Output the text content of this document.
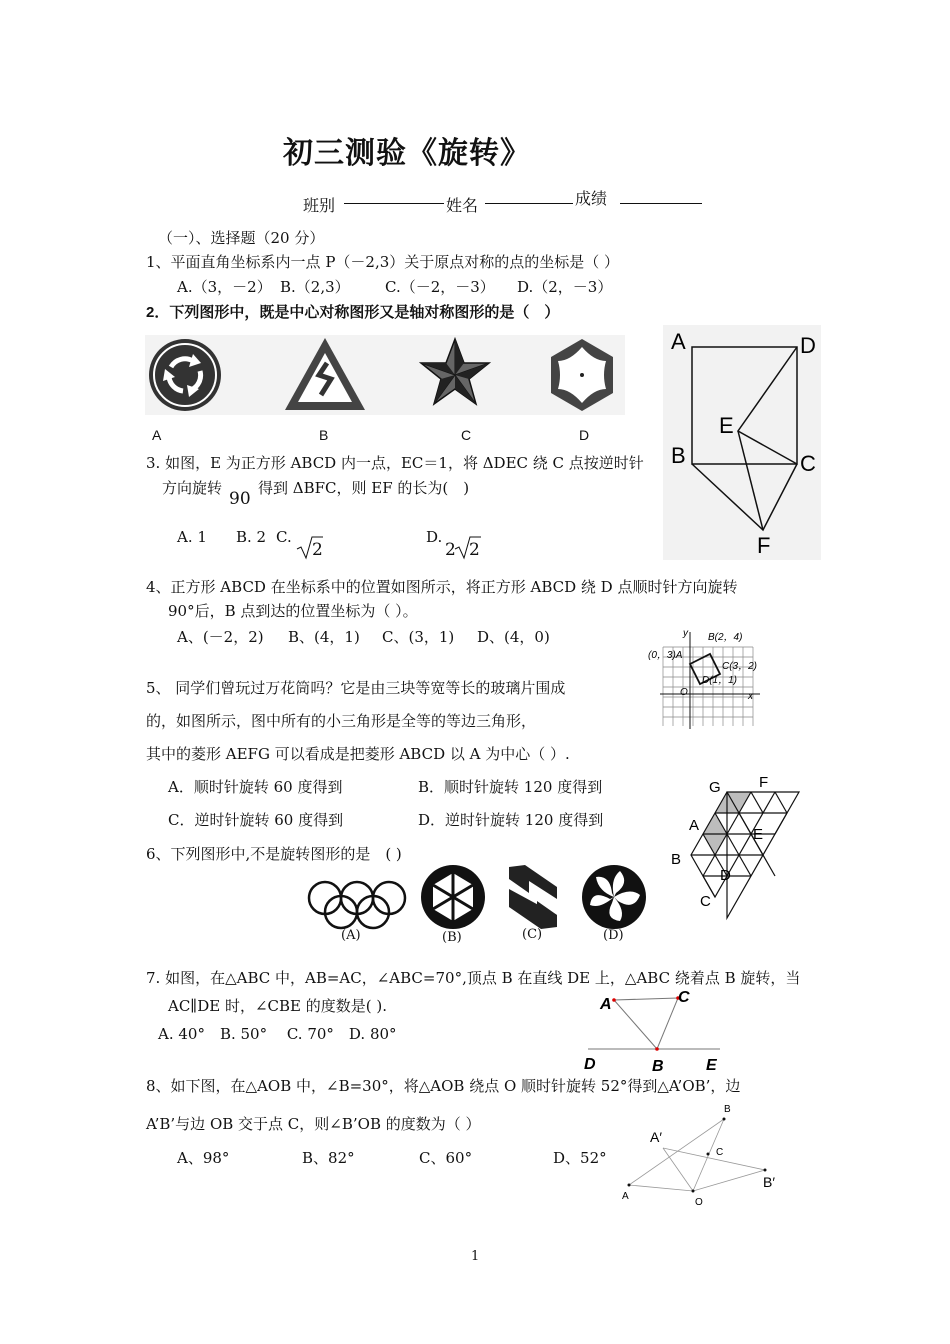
初三测验《旋转》
班别	姓名	成绩
（一）、选择题（20 分）
1、平面直角坐标系内一点 P（－2,3）关于原点对称的点的坐标是（ ）
A.（3，－2） B.（2,3） C.（－2，－3） D.（2，－3）
2．下列图形中，既是中心对称图形又是轴对称图形的是（　）
A	B	C	D
3. 如图，E 为正方形 ABCD 内一点，EC＝1，将 ΔDEC 绕 C 点按逆时针
方向旋转
90
得到 ΔBFC，则 EF 的长为(　)
A. 1 B. 2 C.
2
D.
2 2
A	D
E
B	C
F
4、正方形 ABCD 在坐标系中的位置如图所示，将正方形 ABCD 绕 D 点顺时针方向旋转
90°后，B 点到达的位置坐标为（ ）。
A、(－2，2) B、(4，1) C、(3，1) D、(4，0)	y
x
O
(0，3)A
B(2，4)
C(3，2)
D(1，1)
5、 同学们曾玩过万花筒吗？它是由三块等宽等长的玻璃片围成
的，如图所示，图中所有的小三角形是全等的等边三角形，
其中的菱形 AEFG 可以看成是把菱形 ABCD 以 A 为中心（ ）.
A．顺时针旋转 60 度得到	B．顺时针旋转 120 度得到
C．逆时针旋转 60 度得到	D．逆时针旋转 120 度得到
G	F
A
E
B
D
C
6、下列图形中,不是旋转图形的是　( )
(A)	(B)	(C)	(D)
7. 如图，在△ABC 中，AB=AC，∠ABC=70°,顶点 B 在直线 DE 上，△ABC 绕着点 B 旋转，当
AC∥DE 时，∠CBE 的度数是( ).
A. 40°　B. 50°　 C. 70°　D. 80°
A	C
D	B	E
8、如下图，在△AOB 中，∠B=30°，将△AOB 绕点 O 顺时针旋转 52°得到△A’OB’，边
A’B’与边 OB 交于点 C，则∠B’OB 的度数为（ ）
A、98°	B、82°	C、60°	D、52°
B
A′
C
B′
A
O
1
